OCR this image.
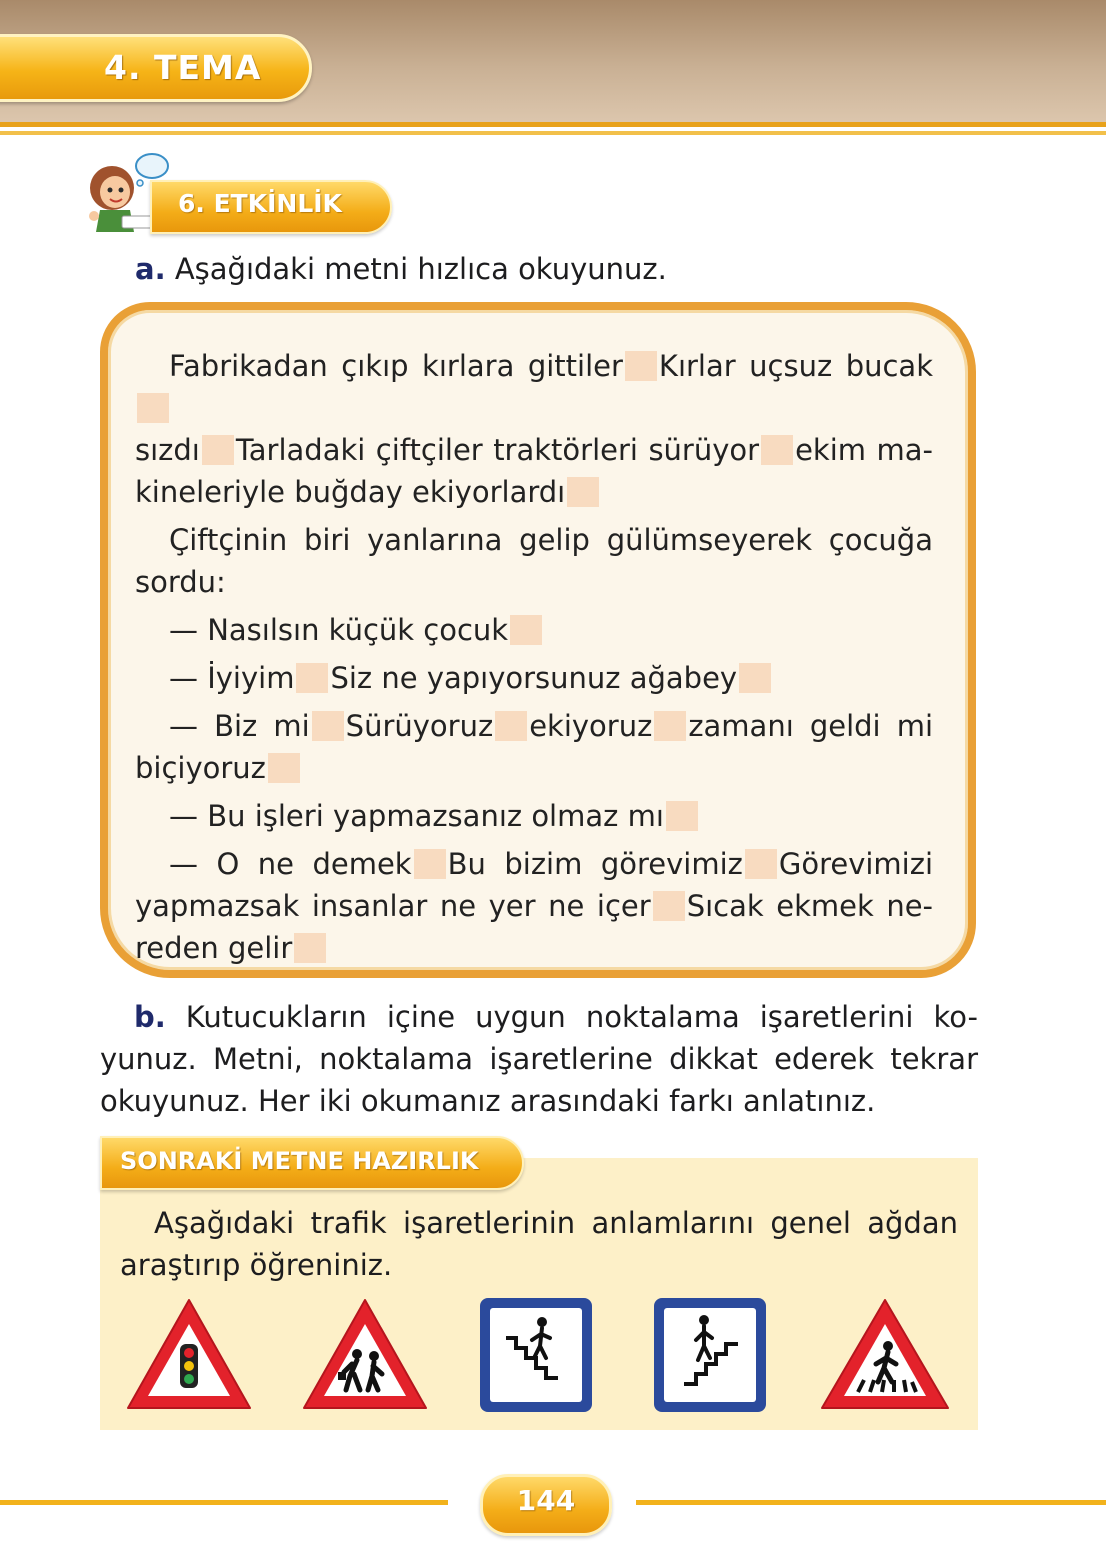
4. TEMA
6. ETKİNLİK
a. Aşağıdaki metni hızlıca okuyunuz.
Fabrikadan çıkıp kırlara gittiler Kırlar uçsuz bucak
sızdı Tarladaki çiftçiler traktörleri sürüyor ekim ma-
kineleriyle buğday ekiyorlardı
Çiftçinin biri yanlarına gelip gülümseyerek çocuğa
sordu:
— Nasılsın küçük çocuk
— İyiyim Siz ne yapıyorsunuz ağabey
— Biz mi Sürüyoruz ekiyoruz zamanı geldi mi
biçiyoruz
— Bu işleri yapmazsanız olmaz mı
— O ne demek Bu bizim görevimiz Görevimizi
yapmazsak insanlar ne yer ne içer Sıcak ekmek ne-
reden gelir
b. Kutucukların içine uygun noktalama işaretlerini ko-
yunuz. Metni, noktalama işaretlerine dikkat ederek tekrar
okuyunuz. Her iki okumanız arasındaki farkı anlatınız.
SONRAKİ METNE HAZIRLIK
Aşağıdaki trafik işaretlerinin anlamlarını genel ağdan
araştırıp öğreniniz.
144
